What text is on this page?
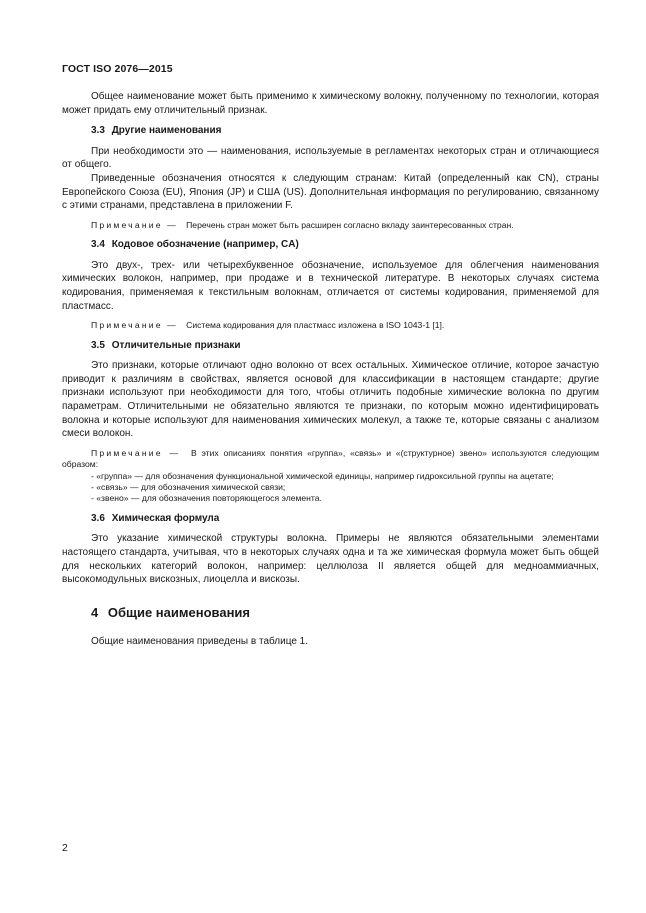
ГОСТ ISO 2076—2015

Общее наименование может быть применимо к химическому волокну, полученному по технологии, которая может придать ему отличительный признак.

3.3 Другие наименования

При необходимости это — наименования, используемые в регламентах некоторых стран и отличающиеся от общего.

Приведенные обозначения относятся к следующим странам: Китай (определенный как CN), страны Европейского Союза (EU), Япония (JP) и США (US). Дополнительная информация по регулированию, связанному с этими странами, представлена в приложении F.

Примечание — Перечень стран может быть расширен согласно вкладу заинтересованных стран.
3.4 Кодовое обозначение (например, CA)

Это двух-, трех- или четырехбуквенное обозначение, используемое для облегчения наименования химических волокон, например, при продаже и в технической литературе. В некоторых случаях система кодирования, применяемая к текстильным волокнам, отличается от системы кодирования, применяемой для пластмасс.

Примечание — Система кодирования для пластмасс изложена в ISO 1043-1 [1].
3.5 Отличительные признаки

Это признаки, которые отличают одно волокно от всех остальных. Химическое отличие, которое зачастую приводит к различиям в свойствах, является основой для классификации в настоящем стандарте; другие признаки используют при необходимости для того, чтобы отличить подобные химические волокна по другим параметрам. Отличительными не обязательно являются те признаки, по которым можно идентифицировать волокна и которые используют для наименования химических молекул, а также те, которые связаны с анализом смеси волокон.

Примечание — В этих описаниях понятия «группа», «связь» и «(структурное) звено» используются следующим образом:
- «группа» — для обозначения функциональной химической единицы, например гидроксильной группы на ацетате;
- «связь» — для обозначения химической связи;
- «звено» — для обозначения повторяющегося элемента.
3.6 Химическая формула

Это указание химической структуры волокна. Примеры не являются обязательными элементами настоящего стандарта, учитывая, что в некоторых случаях одна и та же химическая формула может быть общей для нескольких категорий волокон, например: целлюлоза II является общей для медноаммиачных, высокомодульных вискозных, лиоцелла и вискозы.

4 Общие наименования

Общие наименования приведены в таблице 1.

2
